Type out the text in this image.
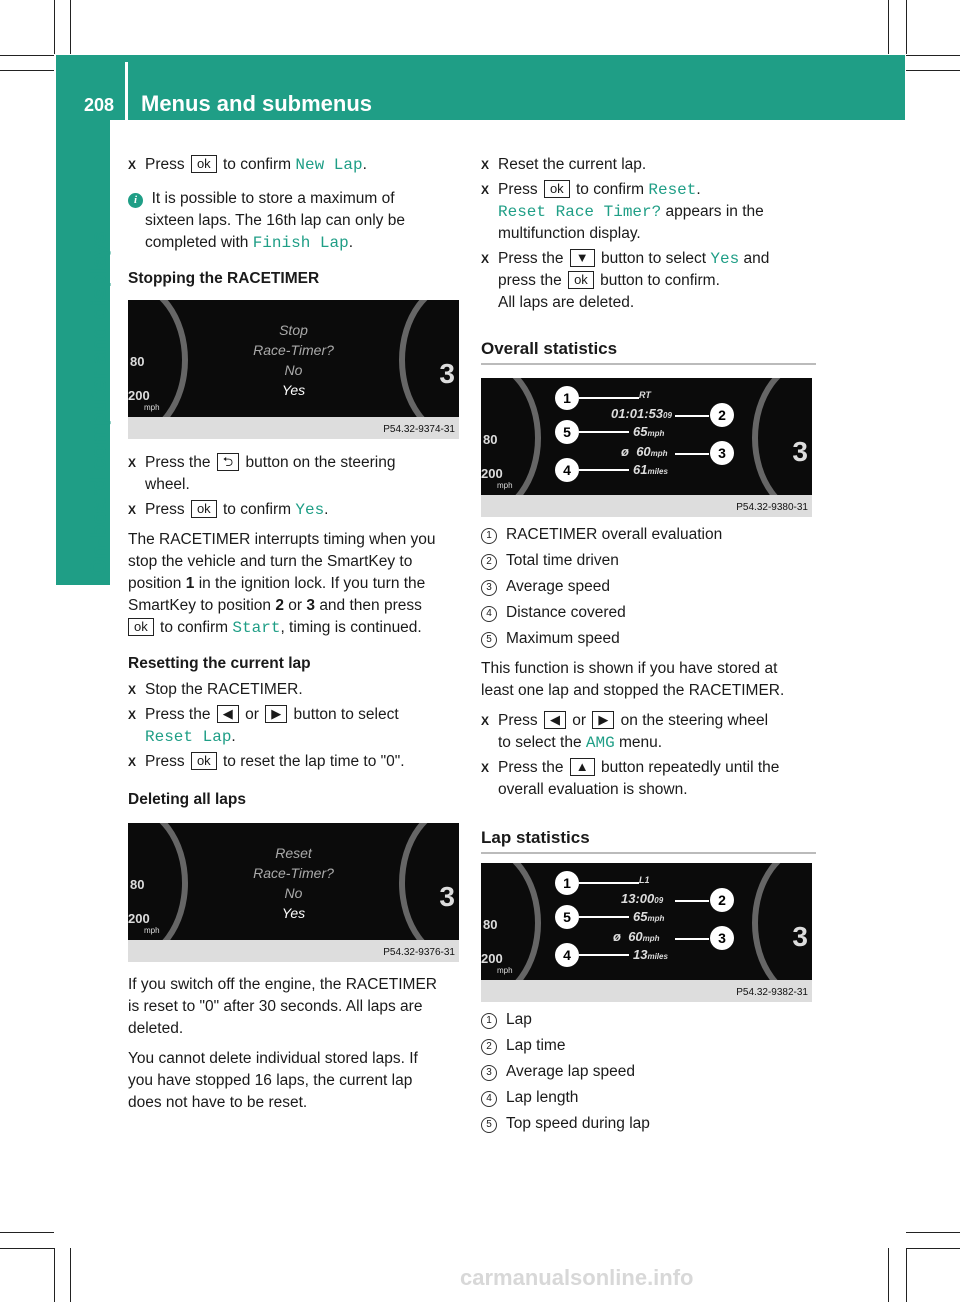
208 Menus and submenus
On-board computer and displays

X Press ok to confirm New Lap.

i It is possible to store a maximum of

sixteen laps. The 16th lap can only be

completed with Finish Lap.

Stopping the RACETIMER
80
200
mph
3
Stop
Race-Timer?
No
Yes
P54.32-9374-31

X Press the ⮌ button on the steering

wheel.

X Press ok to confirm Yes.

The RACETIMER interrupts timing when you

stop the vehicle and turn the SmartKey to

position 1 in the ignition lock. If you turn the

SmartKey to position 2 or 3 and then press

ok to confirm Start, timing is continued.

Resetting the current lap

X Stop the RACETIMER.

X Press the ◀ or ▶ button to select

Reset Lap.

X Press ok to reset the lap time to "0".

Deleting all laps
80
200
mph
3
Reset
Race-Timer?
No
Yes
P54.32-9376-31

If you switch off the engine, the RACETIMER

is reset to "0" after 30 seconds. All laps are

deleted.

You cannot delete individual stored laps. If

you have stopped 16 laps, the current lap

does not have to be reset.

X Reset the current lap.

X Press ok to confirm Reset.

Reset Race Timer? appears in the

multifunction display.

X Press the ▼ button to select Yes and

press the ok button to confirm.

All laps are deleted.

Overall statistics
80
200
mph
3
1	RT
5
4
01:01:5309
65mph
ø 60mph
61miles
2
3
P54.32-9380-31

1 RACETIMER overall evaluation

2 Total time driven

3 Average speed

4 Distance covered

5 Maximum speed

This function is shown if you have stored at

least one lap and stopped the RACETIMER.

X Press ◀ or ▶ on the steering wheel

to select the AMG menu.

X Press the ▲ button repeatedly until the

overall evaluation is shown.

Lap statistics
80
200
mph
3
1	L1
5
4
13:0009
65mph
ø 60mph
13miles
2
3
P54.32-9382-31

1 Lap

2 Lap time

3 Average lap speed

4 Lap length

5 Top speed during lap

carmanualsonline.info
